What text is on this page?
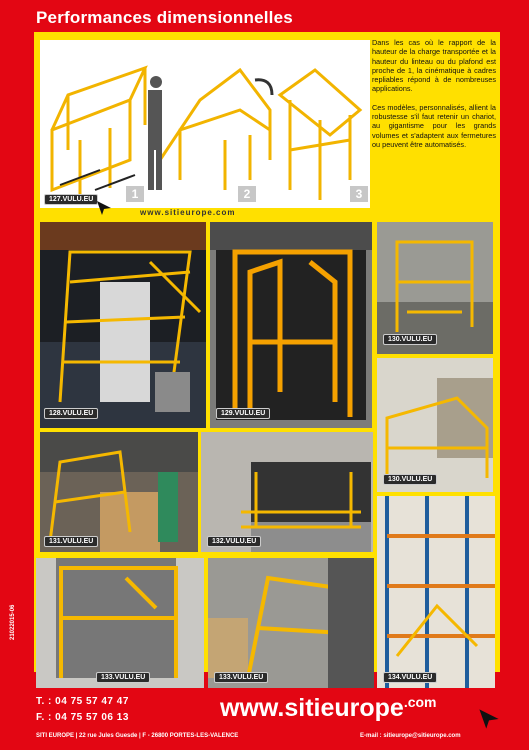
Performances dimensionnelles
1	2	3
127.VULU.EU
www.sitieurope.com

Dans les cas où le rapport de la hauteur de la charge transportée et la hauteur du linteau ou du plafond est proche de 1, la cinématique à cadres repliables répond à de nombreuses applications.

Ces modèles, personnalisés, allient la robustesse s'il faut retenir un chariot, au gigantisme pour les grands volumes et s'adaptent aux fermetures ou peuvent être automatisés.

128.VULU.EU	129.VULU.EU
130.VULU.EU
130.VULU.EU
131.VULU.EU	132.VULU.EU
133.VULU.EU	133.VULU.EU	134.VULU.EU
21022015-06
T. : 04 75 57 47 47
F. : 04 75 57 06 13	www.sitieurope$^{.com}$
SITI EUROPE | 22 rue Jules Guesde | F - 26800 PORTES-LES-VALENCE	E-mail : sitieurope@sitieurope.com
